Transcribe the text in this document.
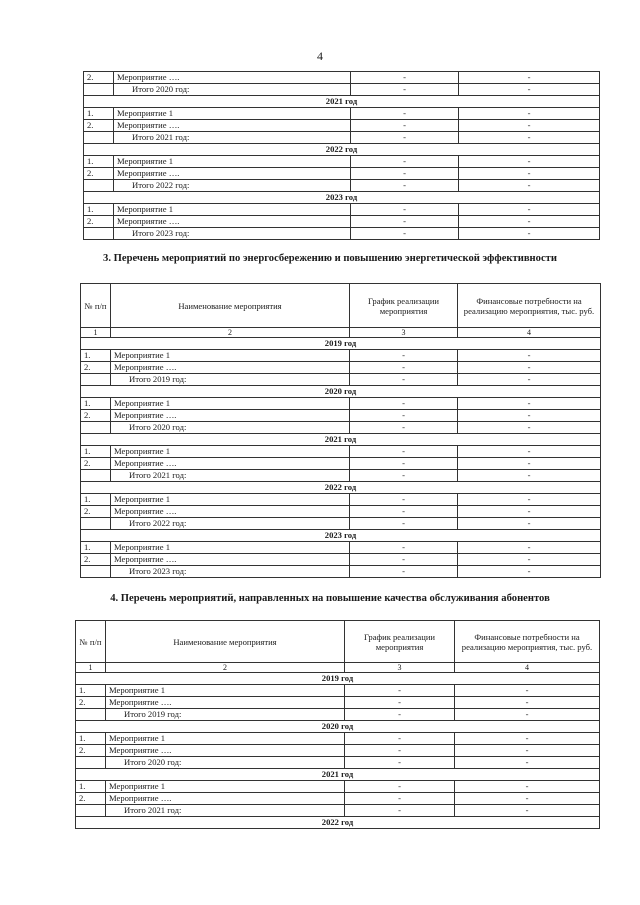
4
2.	Мероприятие ….	-	-
	Итого 2020 год:	-	-
2021 год			
1.	Мероприятие 1	-	-
2.	Мероприятие ….	-	-
	Итого 2021 год:	-	-
2022 год			
1.	Мероприятие 1	-	-
2.	Мероприятие ….	-	-
	Итого 2022 год:	-	-
2023 год			
1.	Мероприятие 1	-	-
2.	Мероприятие ….	-	-
	Итого 2023 год:	-	-
3. Перечень мероприятий по энергосбережению и повышению энергетической эффективности
№ п/п	Наименование мероприятия	График реализации мероприятия	Финансовые потребности на реализацию мероприятия, тыс. руб.
1	2	3	4
2019 год			
1.	Мероприятие 1	-	-
2.	Мероприятие ….	-	-
	Итого 2019 год:	-	-
2020 год			
1.	Мероприятие 1	-	-
2.	Мероприятие ….	-	-
	Итого 2020 год:	-	-
2021 год			
1.	Мероприятие 1	-	-
2.	Мероприятие ….	-	-
	Итого 2021 год:	-	-
2022 год			
1.	Мероприятие 1	-	-
2.	Мероприятие ….	-	-
	Итого 2022 год:	-	-
2023 год			
1.	Мероприятие 1	-	-
2.	Мероприятие ….	-	-
	Итого 2023 год:	-	-
4. Перечень мероприятий, направленных на повышение качества обслуживания абонентов
№ п/п	Наименование мероприятия	График реализации мероприятия	Финансовые потребности на реализацию мероприятия, тыс. руб.
1	2	3	4
2019 год			
1.	Мероприятие 1	-	-
2.	Мероприятие ….	-	-
	Итого 2019 год:	-	-
2020 год			
1.	Мероприятие 1	-	-
2.	Мероприятие ….	-	-
	Итого 2020 год:	-	-
2021 год			
1.	Мероприятие 1	-	-
2.	Мероприятие ….	-	-
	Итого 2021 год:	-	-
2022 год			
